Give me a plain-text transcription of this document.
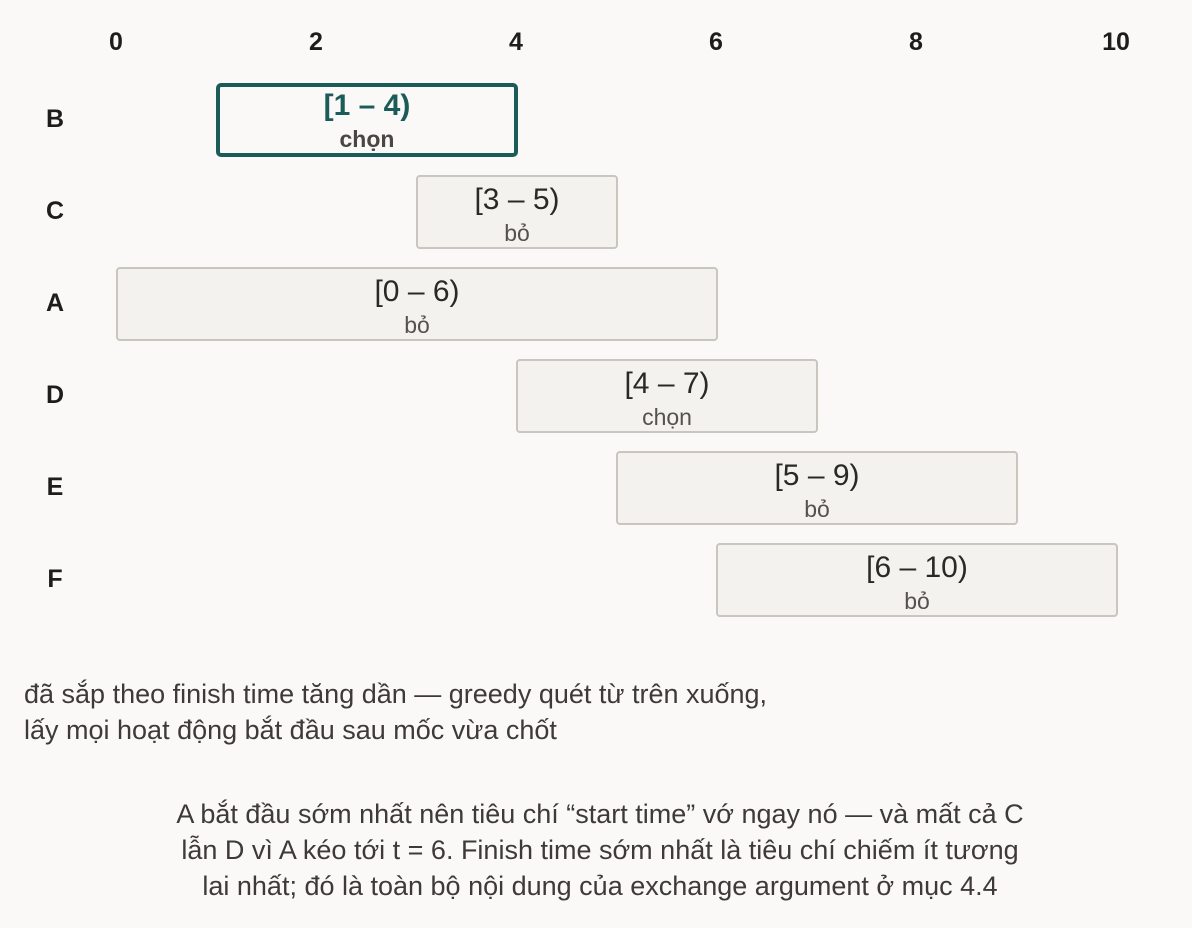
0	2	4	6	8	10
B	[1 – 4)
chọn
C	[3 – 5)
bỏ
A	[0 – 6)
bỏ
D	[4 – 7)
chọn
E	[5 – 9)
bỏ
F	[6 – 10)
bỏ
đã sắp theo finish time tăng dần — greedy quét từ trên xuống,
lấy mọi hoạt động bắt đầu sau mốc vừa chốt
A bắt đầu sớm nhất nên tiêu chí “start time” vớ ngay nó — và mất cả C
lẫn D vì A kéo tới t = 6. Finish time sớm nhất là tiêu chí chiếm ít tương
lai nhất; đó là toàn bộ nội dung của exchange argument ở mục 4.4
